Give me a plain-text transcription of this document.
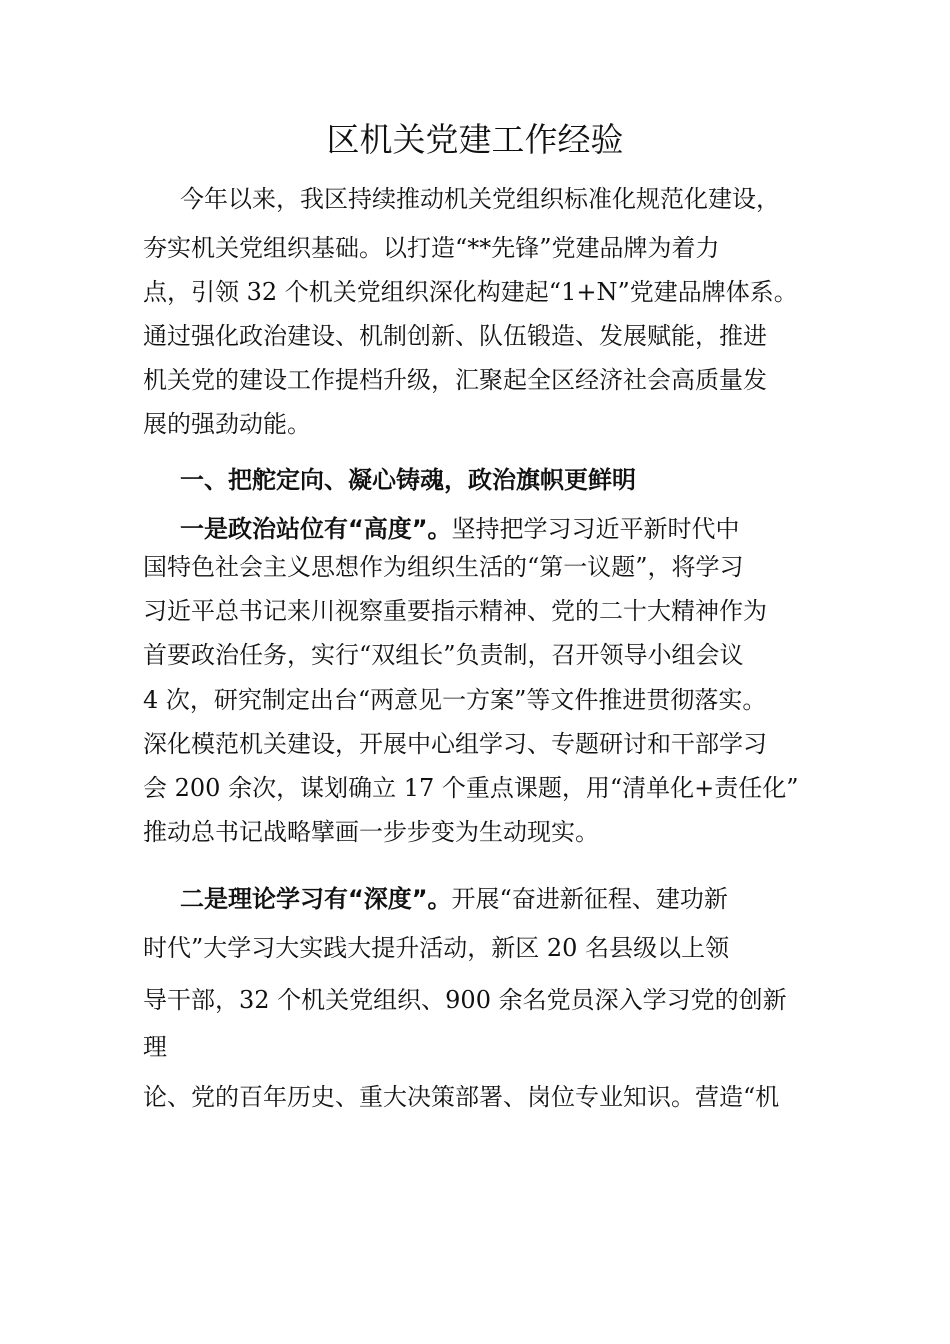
区机关党建工作经验
今年以来，我区持续推动机关党组织标准化规范化建设，
夯实机关党组织基础。以打造“**先锋”党建品牌为着力
点，引领 32 个机关党组织深化构建起“1+N”党建品牌体系。
通过强化政治建设、机制创新、队伍锻造、发展赋能，推进
机关党的建设工作提档升级，汇聚起全区经济社会高质量发
展的强劲动能。
一、把舵定向、凝心铸魂，政治旗帜更鲜明
一是政治站位有“高度”。坚持把学习习近平新时代中
国特色社会主义思想作为组织生活的“第一议题”，将学习
习近平总书记来川视察重要指示精神、党的二十大精神作为
首要政治任务，实行“双组长”负责制，召开领导小组会议
4 次，研究制定出台“两意见一方案”等文件推进贯彻落实。
深化模范机关建设，开展中心组学习、专题研讨和干部学习
会 200 余次，谋划确立 17 个重点课题，用“清单化+责任化”
推动总书记战略擘画一步步变为生动现实。
二是理论学习有“深度”。开展“奋进新征程、建功新
时代”大学习大实践大提升活动，新区 20 名县级以上领
导干部，32 个机关党组织、900 余名党员深入学习党的创新
理
论、党的百年历史、重大决策部署、岗位专业知识。营造“机
